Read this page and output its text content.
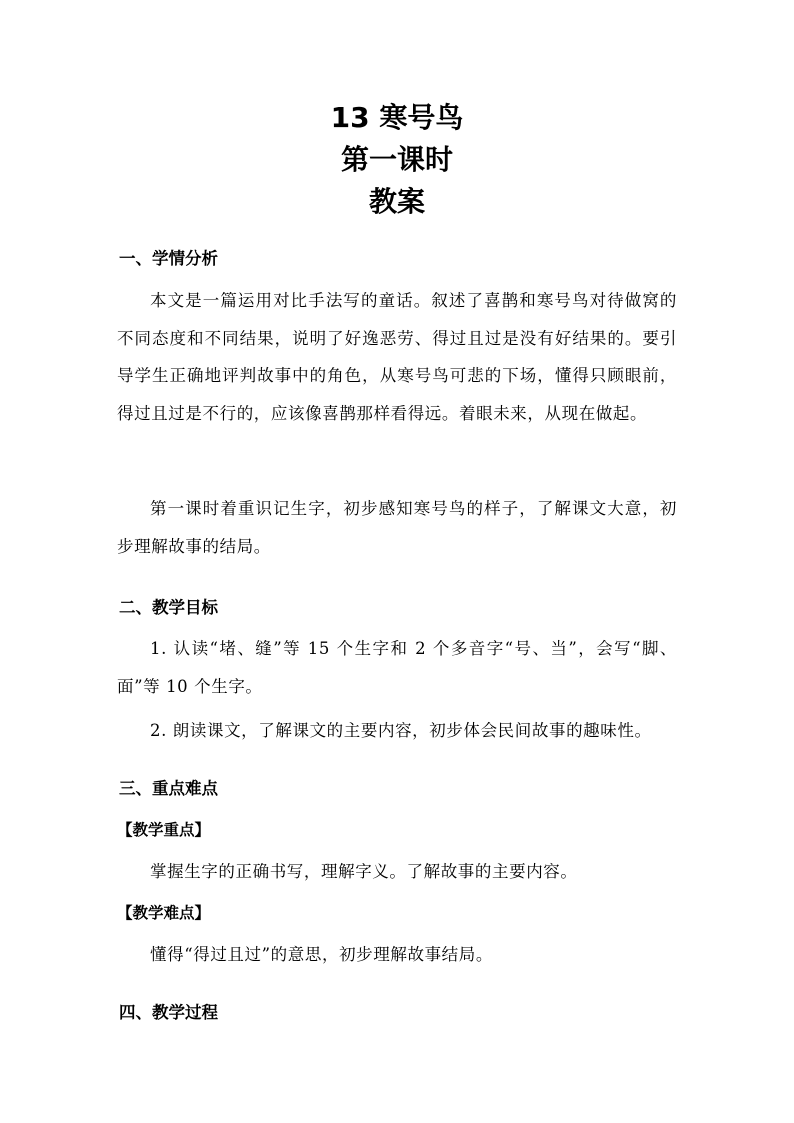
13 寒号鸟
第一课时
教案
一、学情分析

本文是一篇运用对比手法写的童话。叙述了喜鹊和寒号鸟对待做窝的不同态度和不同结果，说明了好逸恶劳、得过且过是没有好结果的。要引导学生正确地评判故事中的角色，从寒号鸟可悲的下场，懂得只顾眼前，得过且过是不行的，应该像喜鹊那样看得远。着眼未来，从现在做起。

第一课时着重识记生字，初步感知寒号鸟的样子，了解课文大意，初步理解故事的结局。

二、教学目标

1. 认读“堵、缝”等 15 个生字和 2 个多音字“号、当”，会写“脚、面”等 10 个生字。

2. 朗读课文，了解课文的主要内容，初步体会民间故事的趣味性。

三、重点难点

【教学重点】

掌握生字的正确书写，理解字义。了解故事的主要内容。

【教学难点】

懂得“得过且过”的意思，初步理解故事结局。

四、教学过程
